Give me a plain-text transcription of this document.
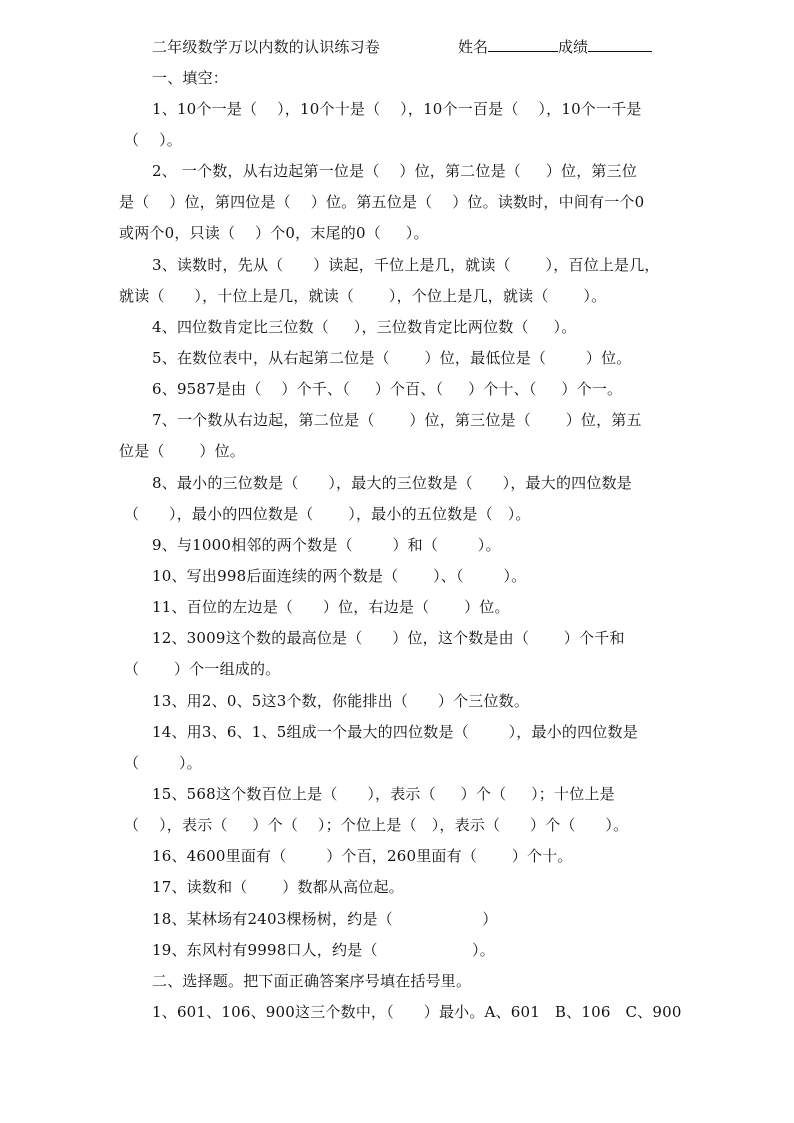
二年级数学万以内数的认识练习卷	姓名	成绩
一、填空：
1、10个一是（    ），10个十是（    ），10个一百是（    ），10个一千是
（    ）。
2、 一个数，从右边起第一位是（    ）位，第二位是（     ）位，第三位
是（    ）位，第四位是（    ）位。第五位是（    ）位。读数时，中间有一个0
或两个0，只读（    ）个0，末尾的0（     ）。
3、读数时，先从（      ）读起，千位上是几，就读（       ），百位上是几，
就读（      ），十位上是几，就读（       ），个位上是几，就读（       ）。
4、四位数肯定比三位数（     ），三位数肯定比两位数（     ）。
5、在数位表中，从右起第二位是（       ）位，最低位是（        ）位。
6、9587是由（    ）个千、（     ）个百、（     ）个十、（     ）个一。
7、一个数从右边起，第二位是（       ）位，第三位是（       ）位，第五
位是（       ）位。
8、最小的三位数是（      ），最大的三位数是（      ），最大的四位数是
（      ），最小的四位数是（       ），最小的五位数是（   ）。
9、与1000相邻的两个数是（        ）和（        ）。
10、写出998后面连续的两个数是（       ）、（        ）。
11、百位的左边是（      ）位，右边是（       ）位。
12、3009这个数的最高位是（      ）位，这个数是由（       ）个千和
（       ）个一组成的。
13、用2、0、5这3个数，你能排出（      ）个三位数。
14、用3、6、1、5组成一个最大的四位数是（        ），最小的四位数是
（        ）。
15、568这个数百位上是（      ），表示（     ）个（     ）；十位上是
（    ），表示（     ）个（    ）；个位上是（   ），表示（      ）个（      ）。
16、4600里面有（        ）个百，260里面有（       ）个十。
17、读数和（       ）数都从高位起。
18、某林场有2403棵杨树，约是（                  ）
19、东风村有9998口人，约是（                   ）。
二、选择题。把下面正确答案序号填在括号里。
1、601、106、900这三个数中，（      ）最小。A、601   B、106   C、900
